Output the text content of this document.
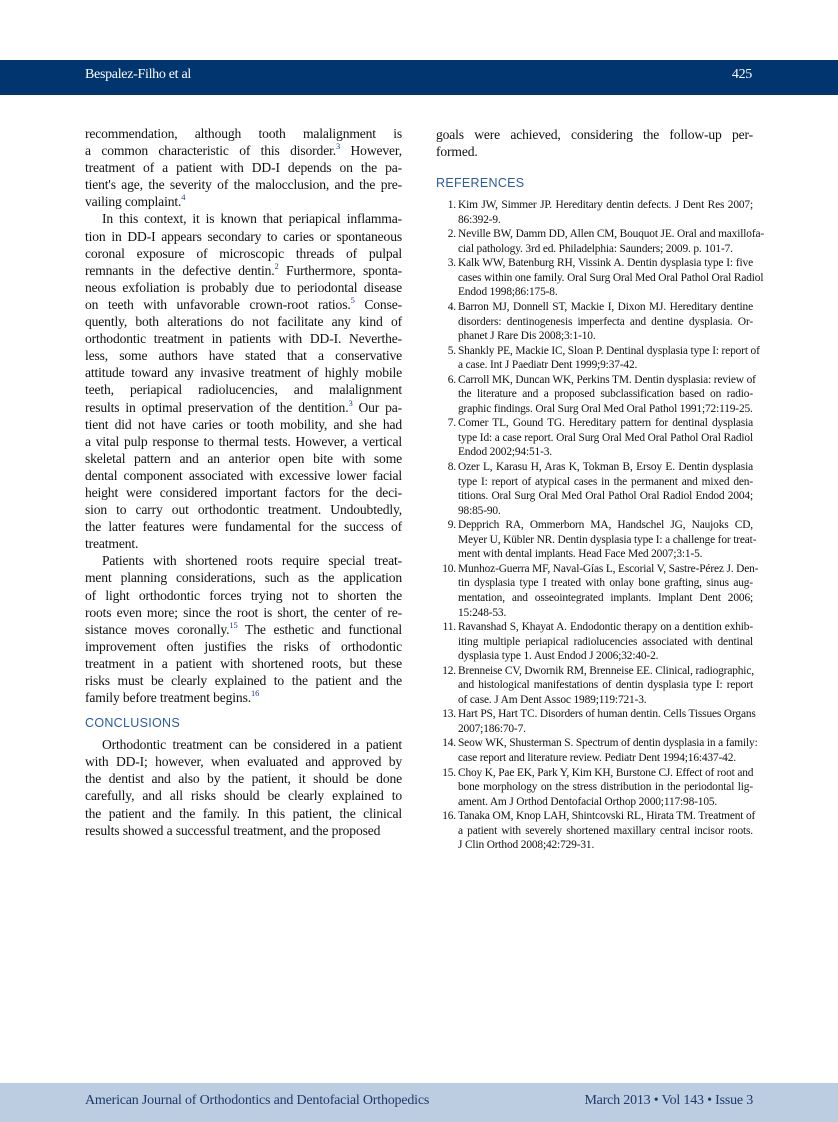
Bespalez-Filho et al	425
recommendation, although tooth malalignment is
a common characteristic of this disorder.$^3$ However,
treatment of a patient with DD-I depends on the pa-
tient's age, the severity of the malocclusion, and the pre-
vailing complaint.$^4$
In this context, it is known that periapical inflamma-
tion in DD-I appears secondary to caries or spontaneous
coronal exposure of microscopic threads of pulpal
remnants in the defective dentin.$^2$ Furthermore, sponta-
neous exfoliation is probably due to periodontal disease
on teeth with unfavorable crown-root ratios.$^5$ Conse-
quently, both alterations do not facilitate any kind of
orthodontic treatment in patients with DD-I. Neverthe-
less, some authors have stated that a conservative
attitude toward any invasive treatment of highly mobile
teeth, periapical radiolucencies, and malalignment
results in optimal preservation of the dentition.$^3$ Our pa-
tient did not have caries or tooth mobility, and she had
a vital pulp response to thermal tests. However, a vertical
skeletal pattern and an anterior open bite with some
dental component associated with excessive lower facial
height were considered important factors for the deci-
sion to carry out orthodontic treatment. Undoubtedly,
the latter features were fundamental for the success of
treatment.
Patients with shortened roots require special treat-
ment planning considerations, such as the application
of light orthodontic forces trying not to shorten the
roots even more; since the root is short, the center of re-
sistance moves coronally.$^{15}$ The esthetic and functional
improvement often justifies the risks of orthodontic
treatment in a patient with shortened roots, but these
risks must be clearly explained to the patient and the
family before treatment begins.$^{16}$
CONCLUSIONS
Orthodontic treatment can be considered in a patient
with DD-I; however, when evaluated and approved by
the dentist and also by the patient, it should be done
carefully, and all risks should be clearly explained to
the patient and the family. In this patient, the clinical
results showed a successful treatment, and the proposed
goals were achieved, considering the follow-up per-
formed.
REFERENCES
1. Kim JW, Simmer JP. Hereditary dentin defects. J Dent Res 2007;
86:392-9.
2. Neville BW, Damm DD, Allen CM, Bouquot JE. Oral and maxillofa-
cial pathology. 3rd ed. Philadelphia: Saunders; 2009. p. 101-7.
3. Kalk WW, Batenburg RH, Vissink A. Dentin dysplasia type I: five
cases within one family. Oral Surg Oral Med Oral Pathol Oral Radiol
Endod 1998;86:175-8.
4. Barron MJ, Donnell ST, Mackie I, Dixon MJ. Hereditary dentine
disorders: dentinogenesis imperfecta and dentine dysplasia. Or-
phanet J Rare Dis 2008;3:1-10.
5. Shankly PE, Mackie IC, Sloan P. Dentinal dysplasia type I: report of
a case. Int J Paediatr Dent 1999;9:37-42.
6. Carroll MK, Duncan WK, Perkins TM. Dentin dysplasia: review of
the literature and a proposed subclassification based on radio-
graphic findings. Oral Surg Oral Med Oral Pathol 1991;72:119-25.
7. Comer TL, Gound TG. Hereditary pattern for dentinal dysplasia
type Id: a case report. Oral Surg Oral Med Oral Pathol Oral Radiol
Endod 2002;94:51-3.
8. Ozer L, Karasu H, Aras K, Tokman B, Ersoy E. Dentin dysplasia
type I: report of atypical cases in the permanent and mixed den-
titions. Oral Surg Oral Med Oral Pathol Oral Radiol Endod 2004;
98:85-90.
9. Depprich RA, Ommerborn MA, Handschel JG, Naujoks CD,
Meyer U, Kübler NR. Dentin dysplasia type I: a challenge for treat-
ment with dental implants. Head Face Med 2007;3:1-5.
10. Munhoz-Guerra MF, Naval-Gías L, Escorial V, Sastre-Pérez J. Den-
tin dysplasia type I treated with onlay bone grafting, sinus aug-
mentation, and osseointegrated implants. Implant Dent 2006;
15:248-53.
11. Ravanshad S, Khayat A. Endodontic therapy on a dentition exhib-
iting multiple periapical radiolucencies associated with dentinal
dysplasia type 1. Aust Endod J 2006;32:40-2.
12. Brenneise CV, Dwornik RM, Brenneise EE. Clinical, radiographic,
and histological manifestations of dentin dysplasia type I: report
of case. J Am Dent Assoc 1989;119:721-3.
13. Hart PS, Hart TC. Disorders of human dentin. Cells Tissues Organs
2007;186:70-7.
14. Seow WK, Shusterman S. Spectrum of dentin dysplasia in a family:
case report and literature review. Pediatr Dent 1994;16:437-42.
15. Choy K, Pae EK, Park Y, Kim KH, Burstone CJ. Effect of root and
bone morphology on the stress distribution in the periodontal lig-
ament. Am J Orthod Dentofacial Orthop 2000;117:98-105.
16. Tanaka OM, Knop LAH, Shintcovski RL, Hirata TM. Treatment of
a patient with severely shortened maxillary central incisor roots.
J Clin Orthod 2008;42:729-31.
American Journal of Orthodontics and Dentofacial Orthopedics	March 2013 • Vol 143 • Issue 3
